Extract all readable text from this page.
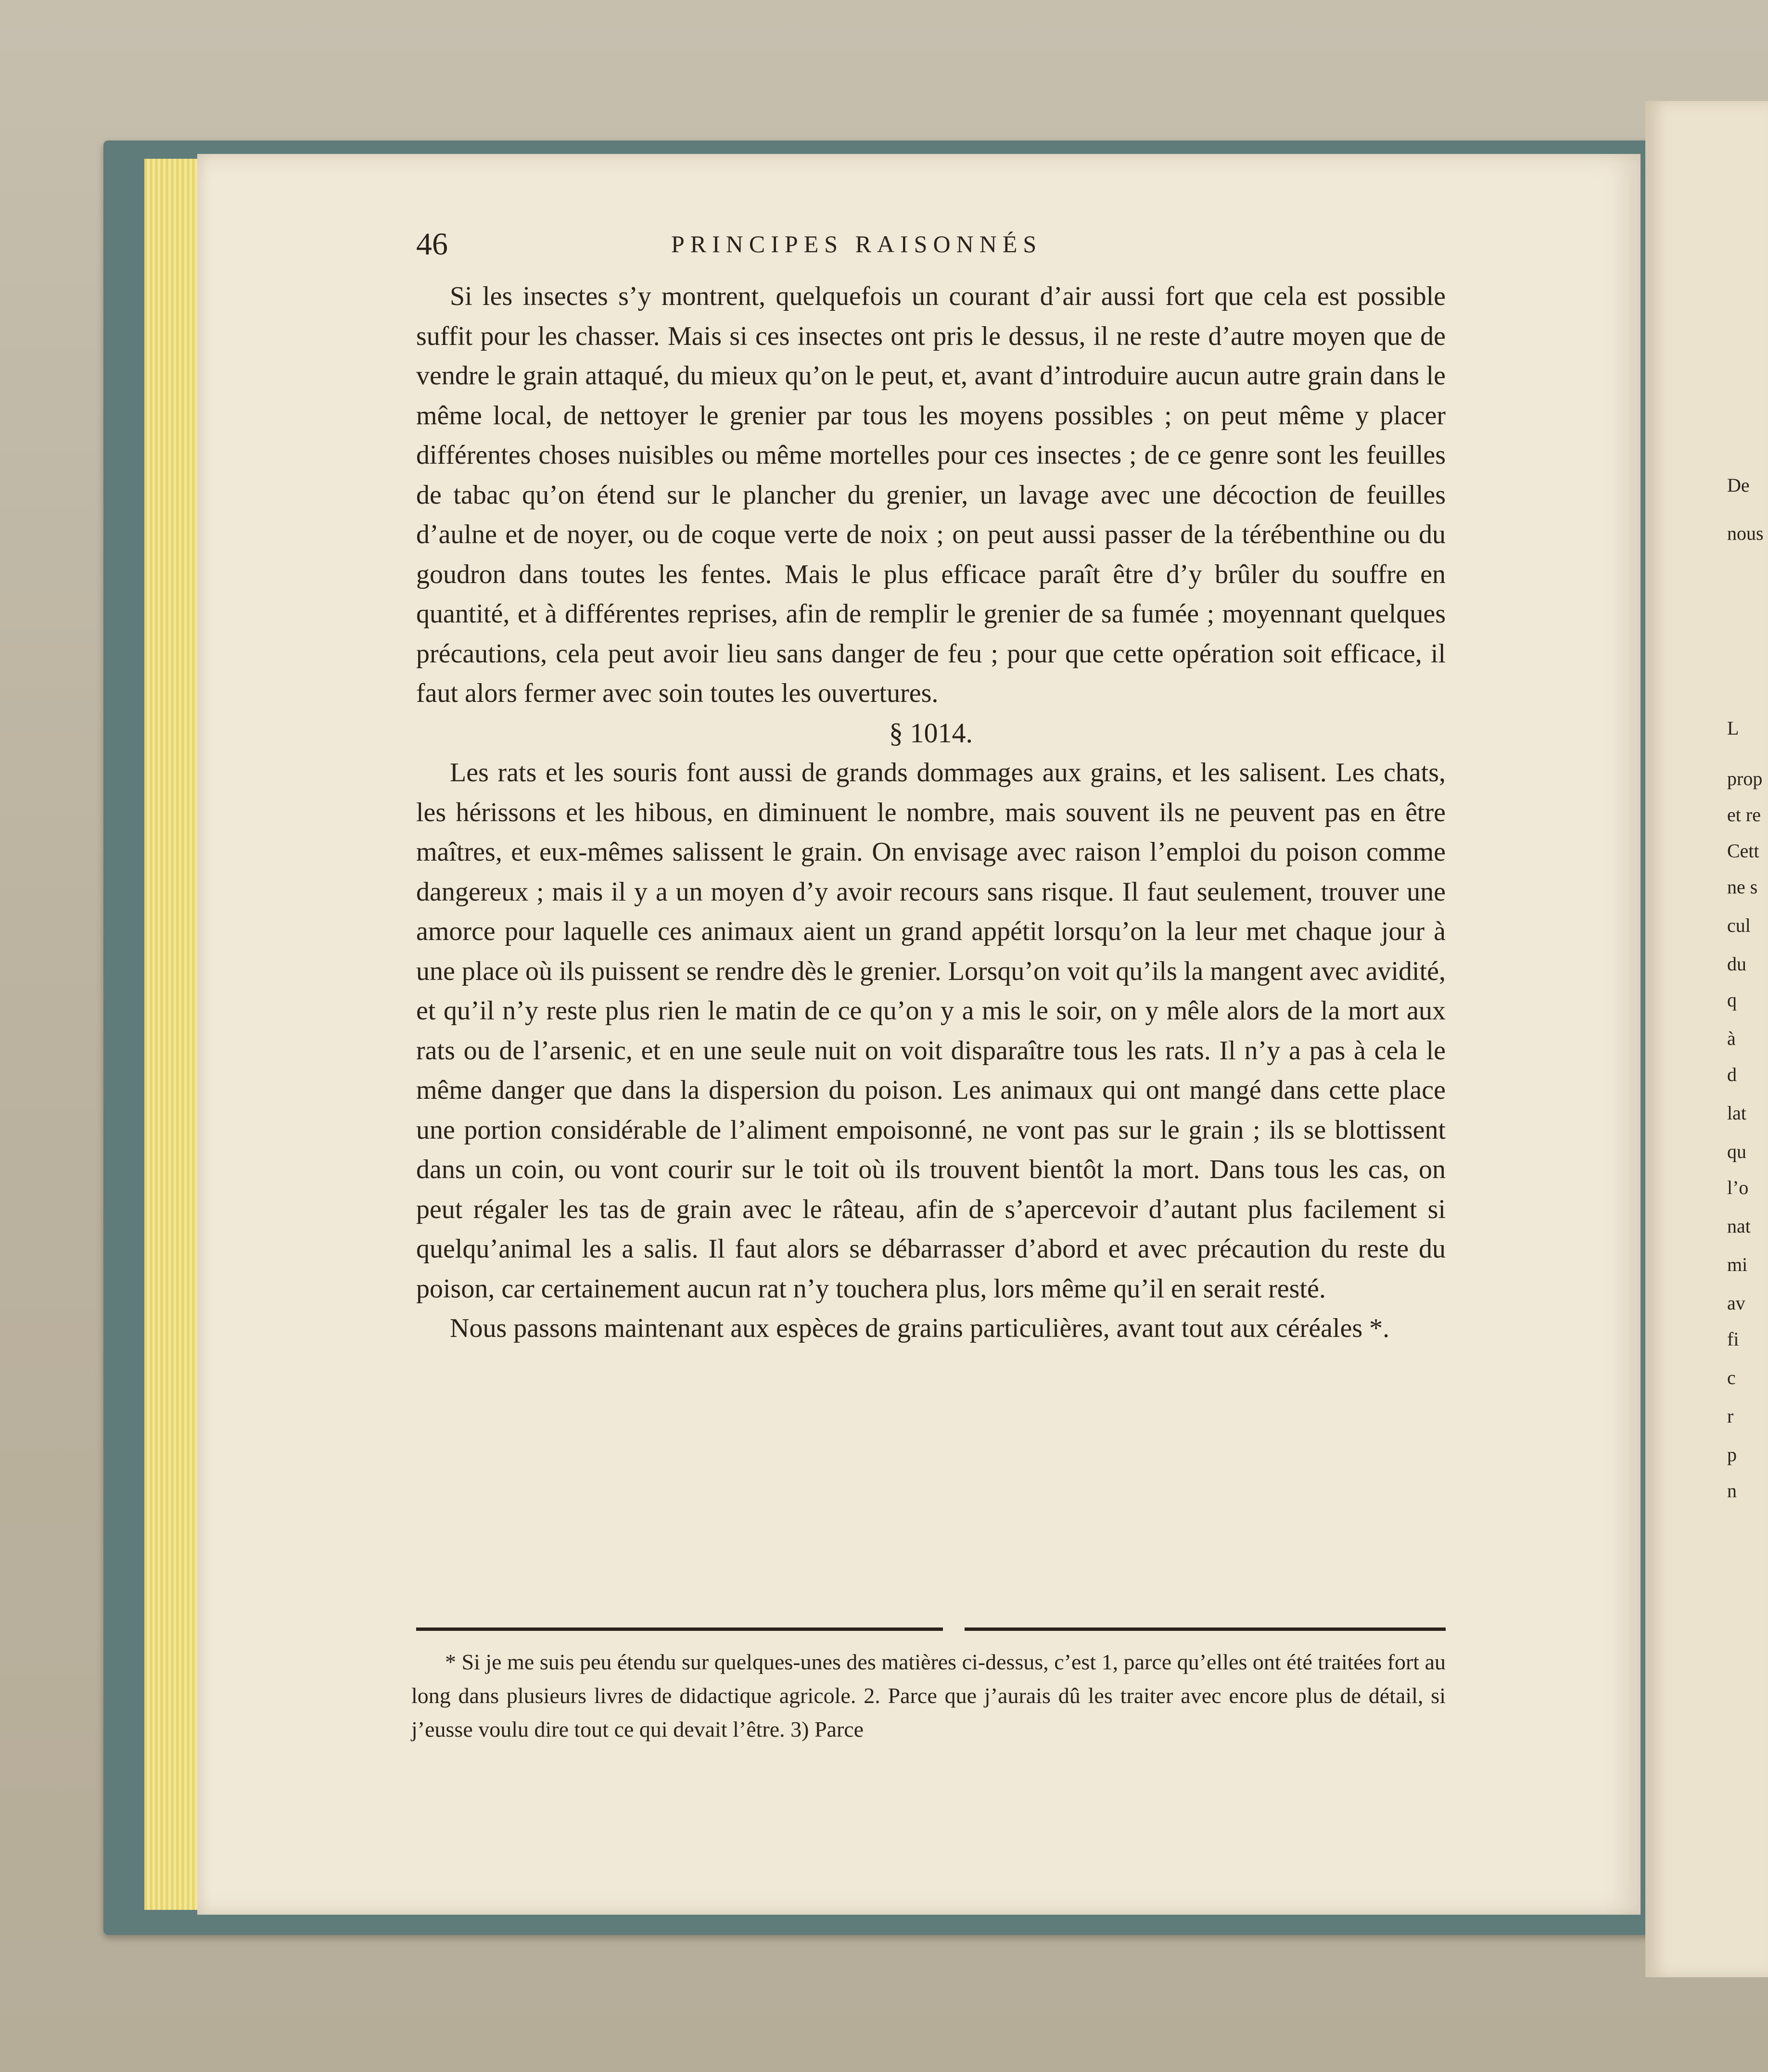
De
nous
L
prop
et re
Cett
ne s
cul
du
q
à
d
lat
qu
l’o
nat
mi
av
fi
c
r
p
n
46	PRINCIPES RAISONNÉS

Si les insectes s’y montrent, quelquefois un courant d’air aussi fort que cela est possible suffit pour les chasser. Mais si ces insectes ont pris le dessus, il ne reste d’autre moyen que de vendre le grain attaqué, du mieux qu’on le peut, et, avant d’introduire aucun autre grain dans le même local, de nettoyer le grenier par tous les moyens possibles ; on peut même y placer différentes choses nuisibles ou même mortelles pour ces insectes ; de ce genre sont les feuilles de tabac qu’on étend sur le plancher du grenier, un lavage avec une décoction de feuilles d’aulne et de noyer, ou de coque verte de noix ; on peut aussi passer de la térébenthine ou du goudron dans toutes les fentes. Mais le plus efficace paraît être d’y brûler du souffre en quantité, et à différentes reprises, afin de remplir le grenier de sa fumée ; moyennant quelques précautions, cela peut avoir lieu sans danger de feu ; pour que cette opération soit efficace, il faut alors fermer avec soin toutes les ouvertures.

§ 1014.

Les rats et les souris font aussi de grands dommages aux grains, et les salisent. Les chats, les hérissons et les hibous, en diminuent le nombre, mais souvent ils ne peuvent pas en être maîtres, et eux-mêmes salissent le grain. On envisage avec raison l’emploi du poison comme dangereux ; mais il y a un moyen d’y avoir recours sans risque. Il faut seulement, trouver une amorce pour laquelle ces animaux aient un grand appétit lorsqu’on la leur met chaque jour à une place où ils puissent se rendre dès le grenier. Lorsqu’on voit qu’ils la mangent avec avidité, et qu’il n’y reste plus rien le matin de ce qu’on y a mis le soir, on y mêle alors de la mort aux rats ou de l’arsenic, et en une seule nuit on voit disparaître tous les rats. Il n’y a pas à cela le même danger que dans la dispersion du poison. Les animaux qui ont mangé dans cette place une portion considérable de l’aliment empoisonné, ne vont pas sur le grain ; ils se blottissent dans un coin, ou vont courir sur le toit où ils trouvent bientôt la mort. Dans tous les cas, on peut régaler les tas de grain avec le râteau, afin de s’apercevoir d’autant plus facilement si quelqu’animal les a salis. Il faut alors se débarrasser d’abord et avec précaution du reste du poison, car certainement aucun rat n’y touchera plus, lors même qu’il en serait resté.

Nous passons maintenant aux espèces de grains particulières, avant tout aux céréales *.

* Si je me suis peu étendu sur quelques-unes des matières ci-dessus, c’est 1, parce qu’elles ont été traitées fort au long dans plusieurs livres de didactique agricole. 2. Parce que j’aurais dû les traiter avec encore plus de détail, si j’eusse voulu dire tout ce qui devait l’être. 3) Parce
